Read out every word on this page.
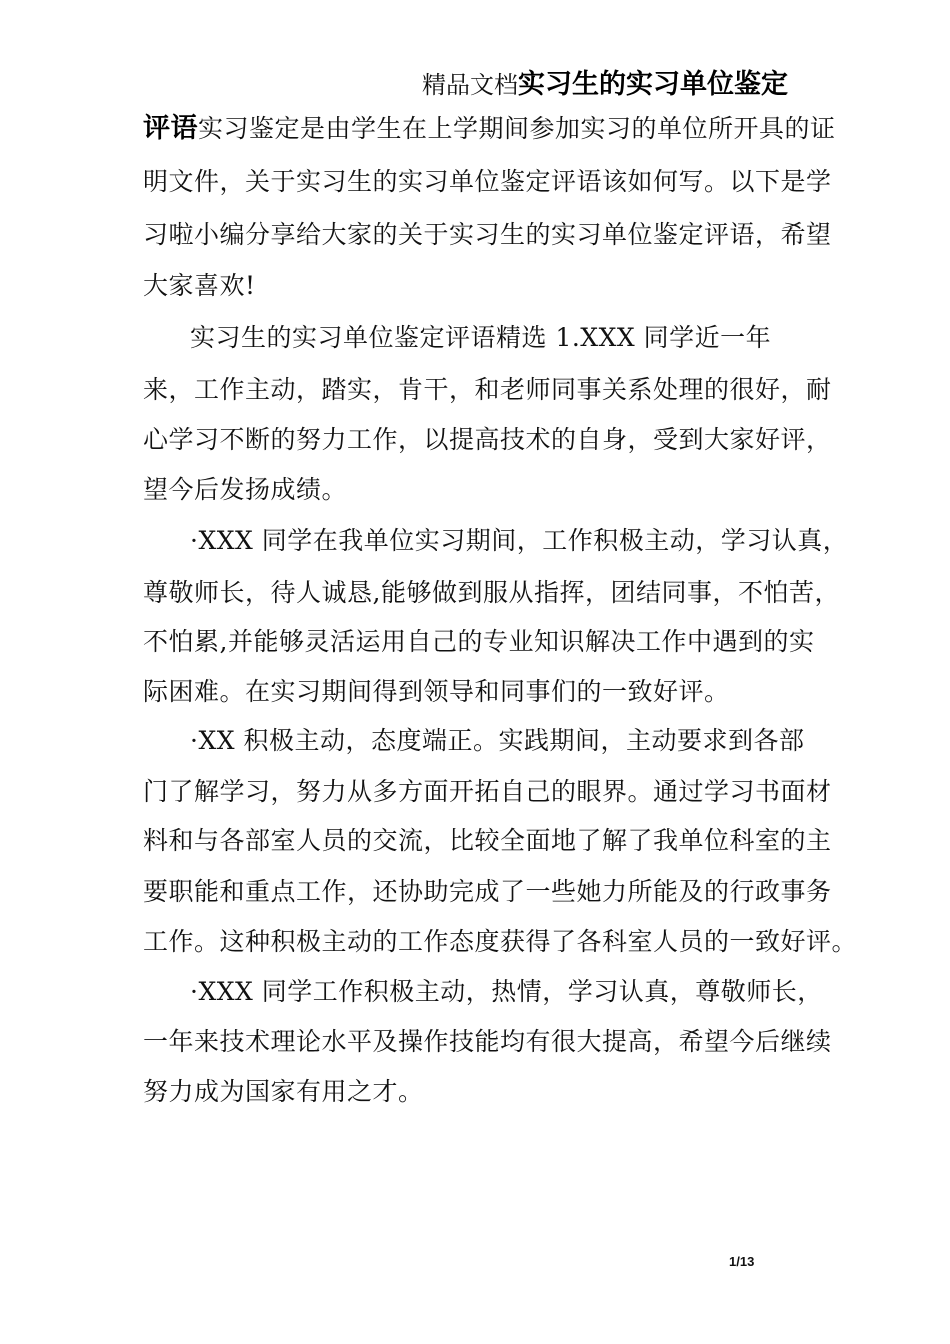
精品文档实习生的实习单位鉴定
评语实习鉴定是由学生在上学期间参加实习的单位所开具的证
明文件，关于实习生的实习单位鉴定评语该如何写。以下是学
习啦小编分享给大家的关于实习生的实习单位鉴定评语，希望
大家喜欢!
实习生的实习单位鉴定评语精选 1.XXX 同学近一年
来，工作主动，踏实，肯干，和老师同事关系处理的很好，耐
心学习不断的努力工作，以提高技术的自身，受到大家好评，
望今后发扬成绩。
·XXX 同学在我单位实习期间，工作积极主动，学习认真，
尊敬师长，待人诚恳,能够做到服从指挥，团结同事，不怕苦，
不怕累,并能够灵活运用自己的专业知识解决工作中遇到的实
际困难。在实习期间得到领导和同事们的一致好评。
·XX 积极主动，态度端正。实践期间，主动要求到各部
门了解学习，努力从多方面开拓自己的眼界。通过学习书面材
料和与各部室人员的交流，比较全面地了解了我单位科室的主
要职能和重点工作，还协助完成了一些她力所能及的行政事务
工作。这种积极主动的工作态度获得了各科室人员的一致好评。
·XXX 同学工作积极主动，热情，学习认真，尊敬师长，
一年来技术理论水平及操作技能均有很大提高，希望今后继续
努力成为国家有用之才。
1/13
